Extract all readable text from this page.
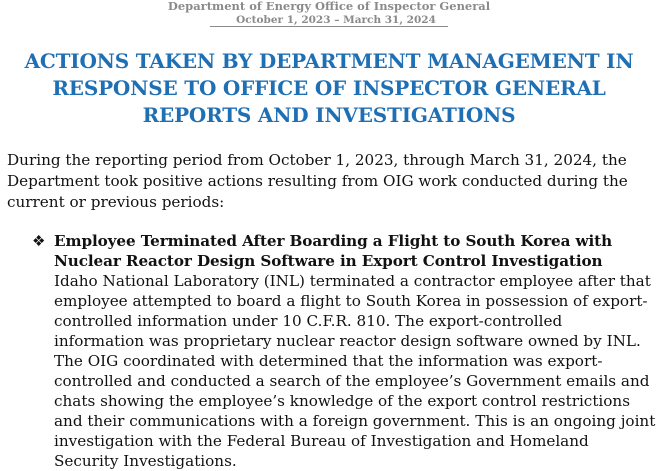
Department of Energy Office of Inspector General
October 1, 2023 – March 31, 2024
ACTIONS TAKEN BY DEPARTMENT MANAGEMENT IN RESPONSE TO OFFICE OF INSPECTOR GENERAL REPORTS AND INVESTIGATIONS

During the reporting period from October 1, 2023, through March 31, 2024, the Department took positive actions resulting from OIG work conducted during the current or previous periods:

❖ Employee Terminated After Boarding a Flight to South Korea with Nuclear Reactor Design Software in Export Control Investigation

Idaho National Laboratory (INL) terminated a contractor employee after that employee attempted to board a flight to South Korea in possession of export-controlled information under 10 C.F.R. 810. The export-controlled information was proprietary nuclear reactor design software owned by INL. The OIG coordinated with determined that the information was export-controlled and conducted a search of the employee’s Government emails and chats showing the employee’s knowledge of the export control restrictions and their communications with a foreign government. This is an ongoing joint investigation with the Federal Bureau of Investigation and Homeland Security Investigations.
